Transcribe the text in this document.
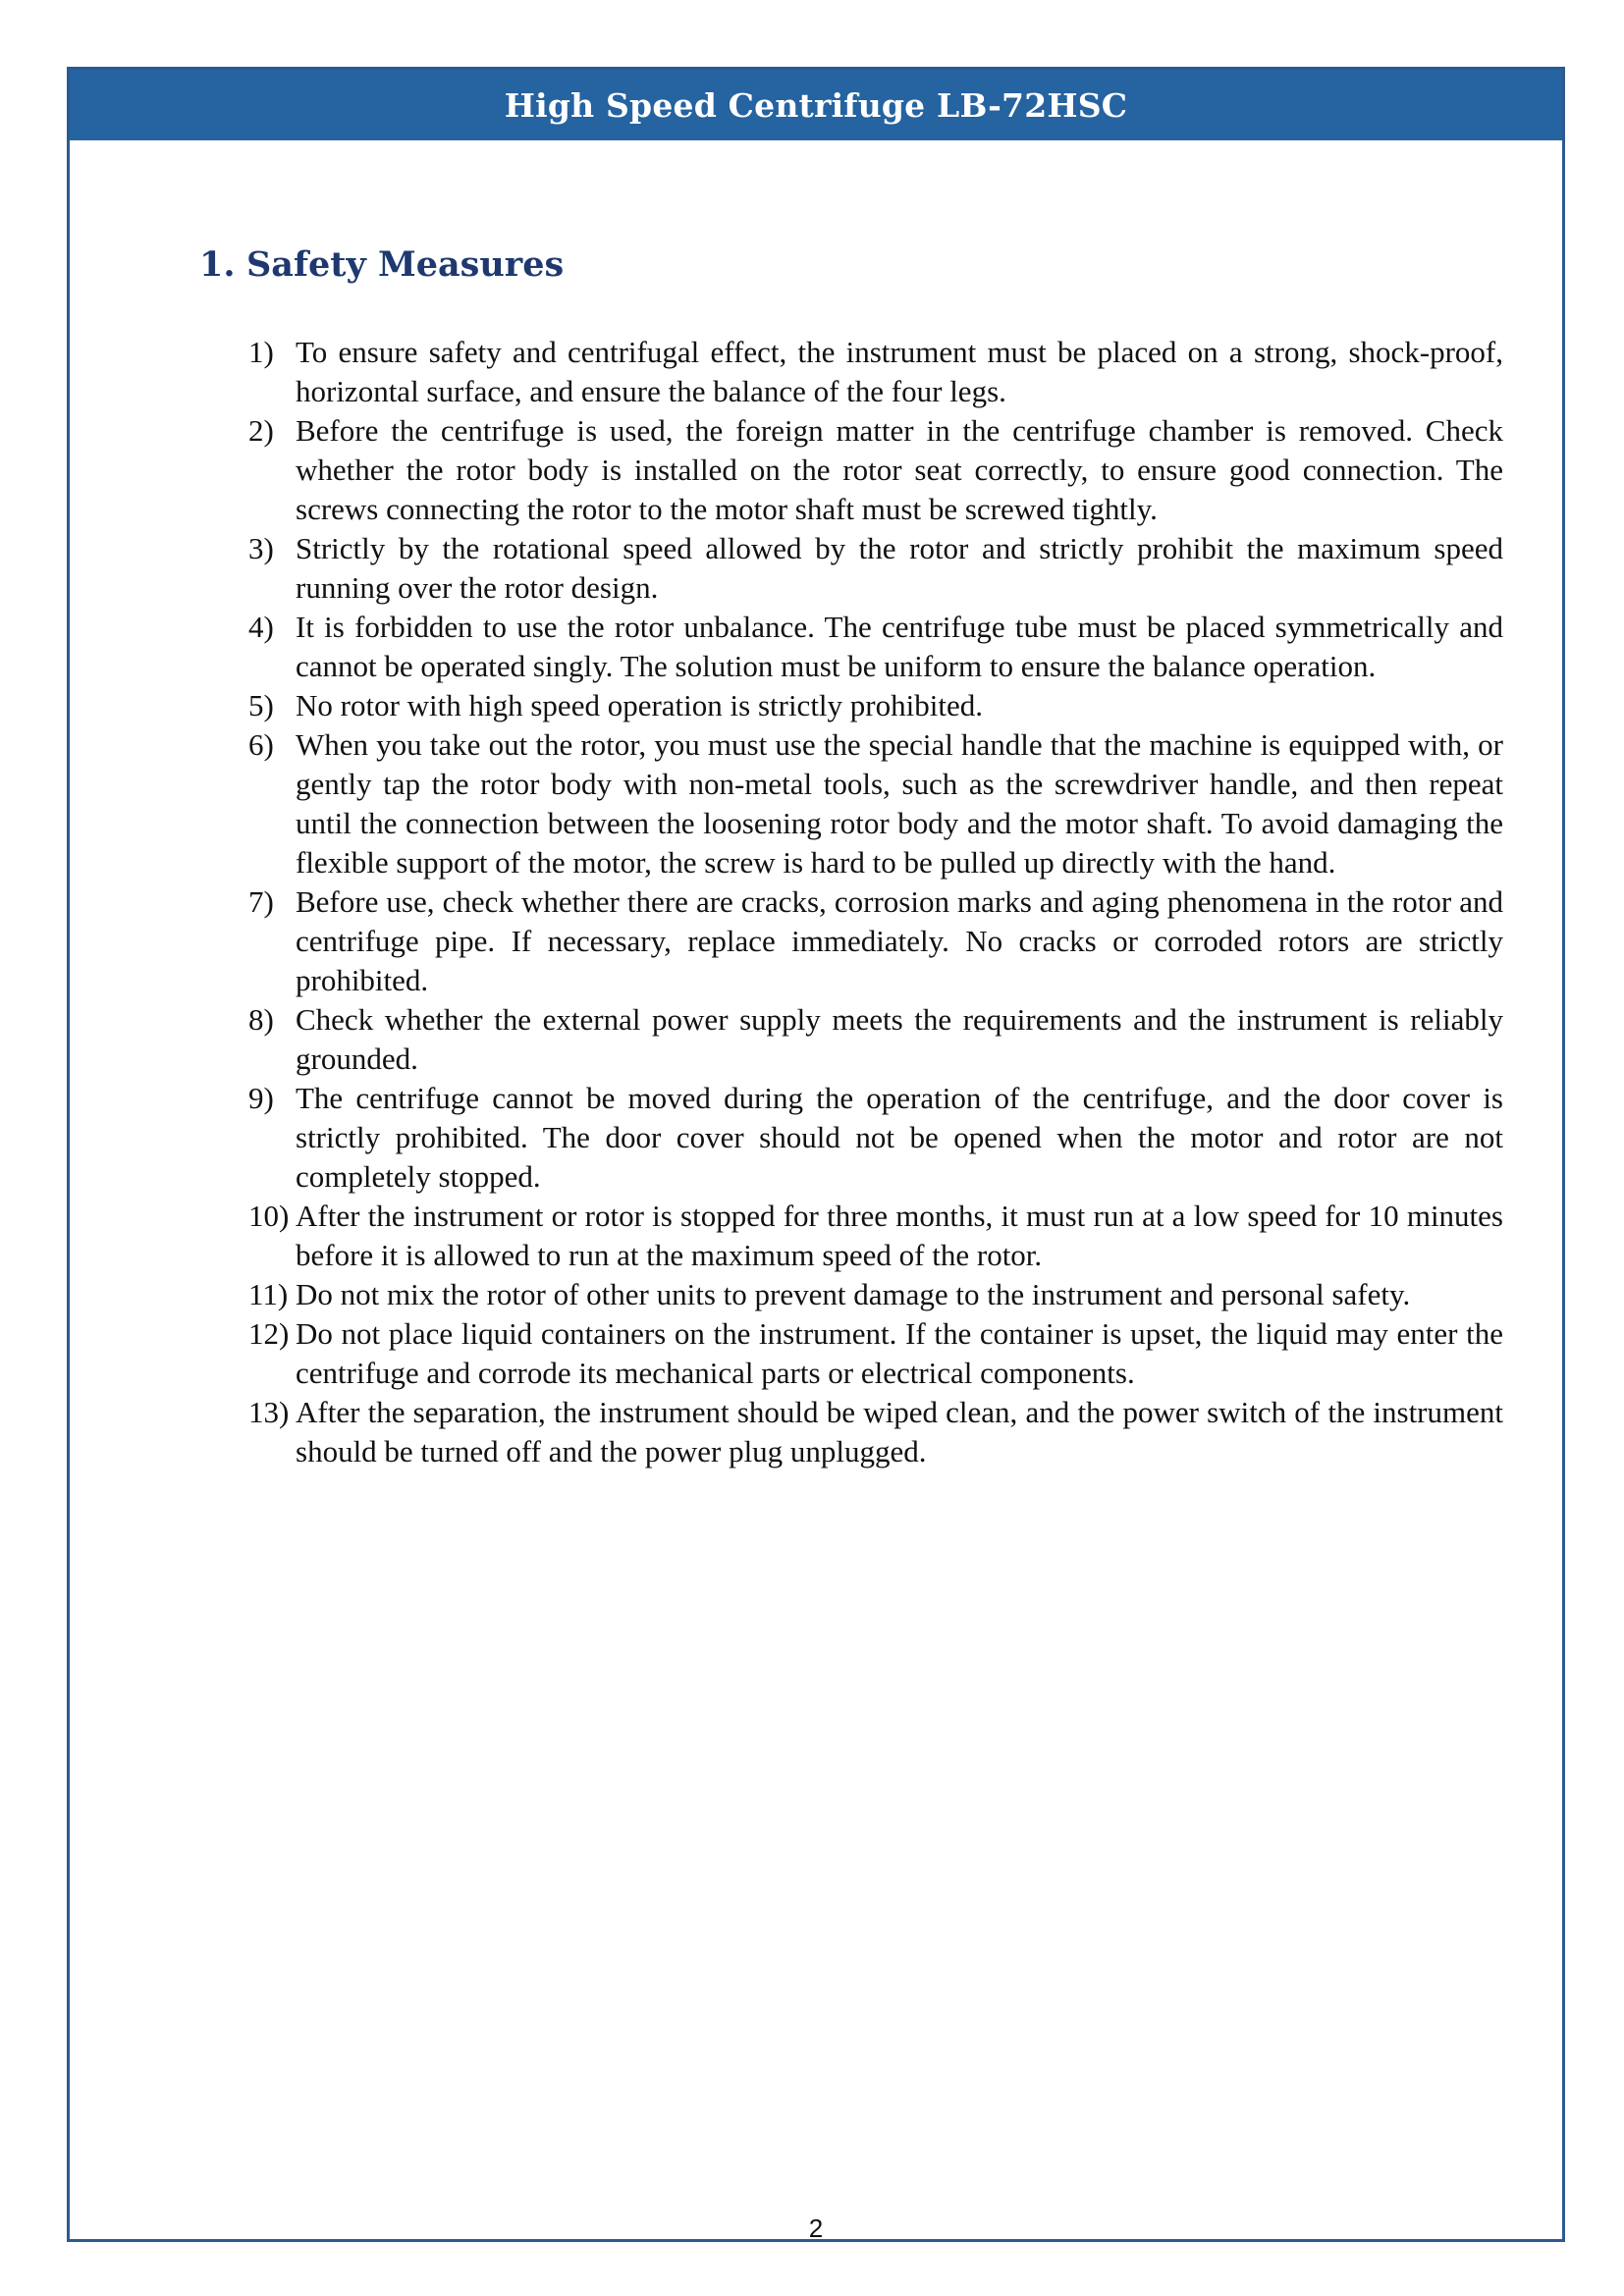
High Speed Centrifuge LB-72HSC
1. Safety Measures
1) To ensure safety and centrifugal effect, the instrument must be placed on a strong, shock-proof, horizontal surface, and ensure the balance of the four legs.
2) Before the centrifuge is used, the foreign matter in the centrifuge chamber is removed. Check whether the rotor body is installed on the rotor seat correctly, to ensure good connection. The screws connecting the rotor to the motor shaft must be screwed tightly.
3) Strictly by the rotational speed allowed by the rotor and strictly prohibit the maximum speed running over the rotor design.
4) It is forbidden to use the rotor unbalance. The centrifuge tube must be placed symmetrically and cannot be operated singly. The solution must be uniform to ensure the balance operation.
5) No rotor with high speed operation is strictly prohibited.
6) When you take out the rotor, you must use the special handle that the machine is equipped with, or gently tap the rotor body with non-metal tools, such as the screwdriver handle, and then repeat until the connection between the loosening rotor body and the motor shaft. To avoid damaging the flexible support of the motor, the screw is hard to be pulled up directly with the hand.
7) Before use, check whether there are cracks, corrosion marks and aging phenomena in the rotor and centrifuge pipe. If necessary, replace immediately. No cracks or corroded rotors are strictly prohibited.
8) Check whether the external power supply meets the requirements and the instrument is reliably grounded.
9) The centrifuge cannot be moved during the operation of the centrifuge, and the door cover is strictly prohibited. The door cover should not be opened when the motor and rotor are not completely stopped.
10) After the instrument or rotor is stopped for three months, it must run at a low speed for 10 minutes before it is allowed to run at the maximum speed of the rotor.
11) Do not mix the rotor of other units to prevent damage to the instrument and personal safety.
12) Do not place liquid containers on the instrument. If the container is upset, the liquid may enter the centrifuge and corrode its mechanical parts or electrical components.
13) After the separation, the instrument should be wiped clean, and the power switch of the instrument should be turned off and the power plug unplugged.
2
